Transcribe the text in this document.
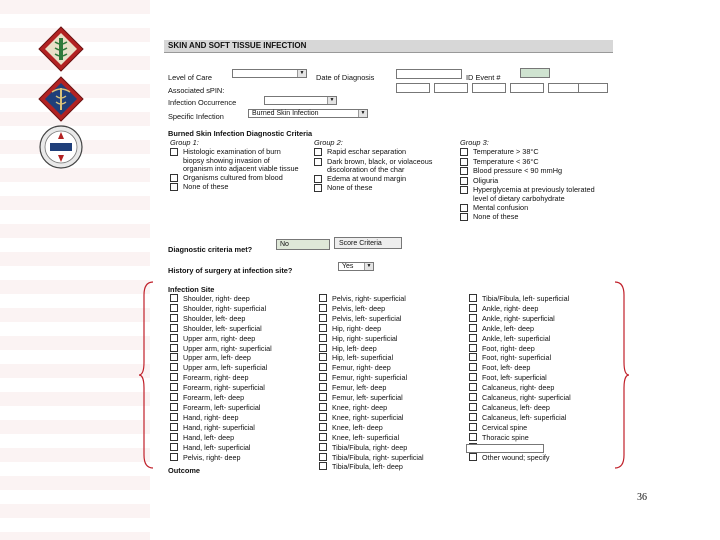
SKIN AND SOFT TISSUE INFECTION
Level of Care	▼ Date of Diagnosis	ID Event #
Associated sPIN:
Infection Occurrence	▼
Specific Infection	Burned Skin Infection	▼
Burned Skin Infection Diagnostic Criteria
Group 1:
Histologic examination of burn biopsy showing invasion of organism into adjacent viable tissue
Organisms cultured from blood
None of these
Group 2:
Rapid eschar separation
Dark brown, black, or violaceous discoloration of the char
Edema at wound margin
None of these
Group 3:
Temperature > 38°C
Temperature < 36°C
Blood pressure < 90 mmHg
Oliguria
Hyperglycemia at previously tolerated level of dietary carbohydrate
Mental confusion
None of these
Diagnostic criteria met?
No	Score Criteria
History of surgery at infection site?	Yes	▼
Infection Site
Shoulder, right- deep
Shoulder, right- superficial
Shoulder, left- deep
Shoulder, left- superficial
Upper arm, right- deep
Upper arm, right- superficial
Upper arm, left- deep
Upper arm, left- superficial
Forearm, right- deep
Forearm, right- superficial
Forearm, left- deep
Forearm, left- superficial
Hand, right- deep
Hand, right- superficial
Hand, left- deep
Hand, left- superficial
Pelvis, right- deep
Pelvis, right- superficial
Pelvis, left- deep
Pelvis, left- superficial
Hip, right- deep
Hip, right- superficial
Hip, left- deep
Hip, left- superficial
Femur, right- deep
Femur, right- superficial
Femur, left- deep
Femur, left- superficial
Knee, right- deep
Knee, right- superficial
Knee, left- deep
Knee, left- superficial
Tibia/Fibula, right- deep
Tibia/Fibula, right- superficial
Tibia/Fibula, left- deep
Tibia/Fibula, left- superficial
Ankle, right- deep
Ankle, right- superficial
Ankle, left- deep
Ankle, left- superficial
Foot, right- deep
Foot, right- superficial
Foot, left- deep
Foot, left- superficial
Calcaneus, right- deep
Calcaneus, right- superficial
Calcaneus, left- deep
Calcaneus, left- superficial
Cervical spine
Thoracic spine
Other wound; specify
Outcome
36
